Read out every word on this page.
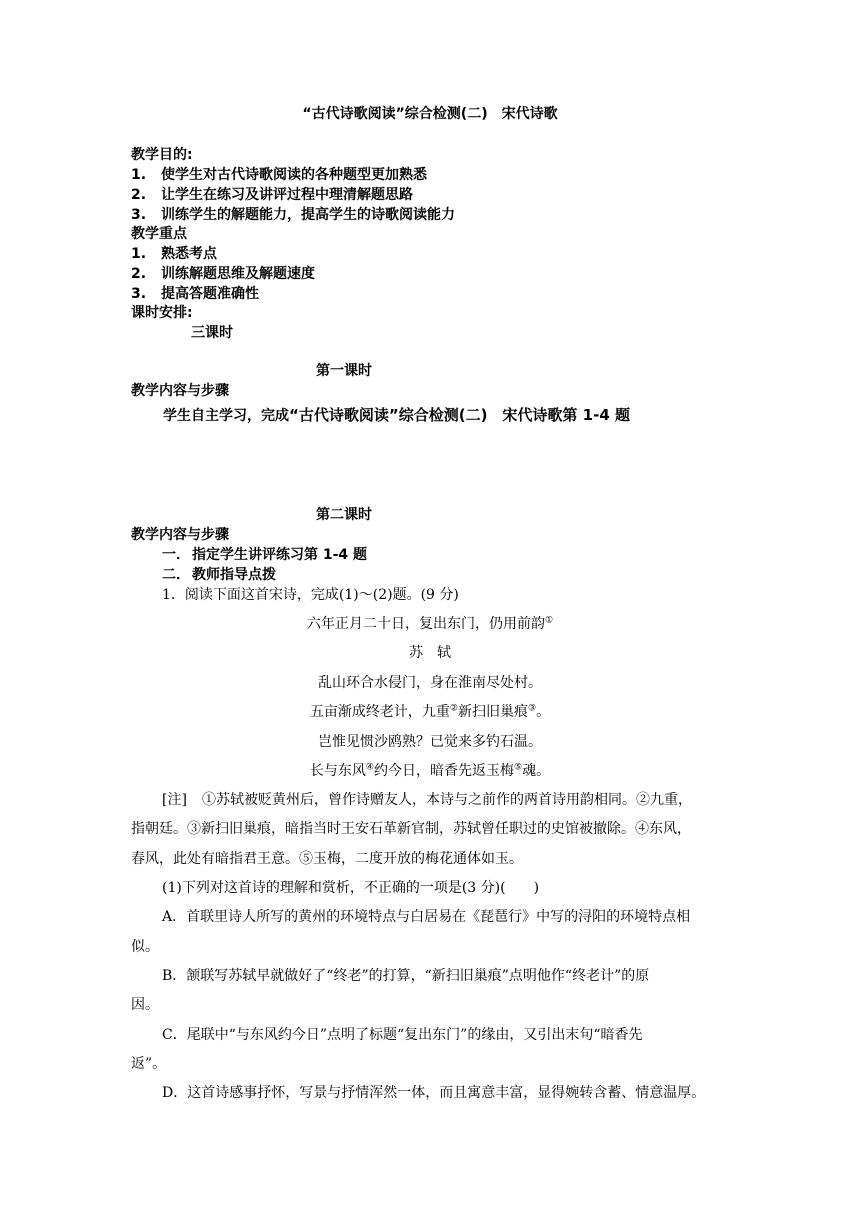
“古代诗歌阅读”综合检测(二)　宋代诗歌
教学目的:
1. 使学生对古代诗歌阅读的各种题型更加熟悉
2. 让学生在练习及讲评过程中理清解题思路
3. 训练学生的解题能力，提高学生的诗歌阅读能力
教学重点
1. 熟悉考点
2. 训练解题思维及解题速度
3. 提高答题准确性
课时安排:
三课时
第一课时
教学内容与步骤
学生自主学习，完成“古代诗歌阅读”综合检测(二)　宋代诗歌第 1-4 题
第二课时
教学内容与步骤
一． 指定学生讲评练习第 1-4 题
二． 教师指导点拨
1．阅读下面这首宋诗，完成(1)～(2)题。(9 分)
六年正月二十日，复出东门，仍用前韵①
苏　轼
乱山环合水侵门，身在淮南尽处村。
五亩渐成终老计，九重②新扫旧巢痕③。
岂惟见惯沙鸥熟？已觉来多钓石温。
长与东风④约今日，暗香先返玉梅⑤魂。
[注] ①苏轼被贬黄州后，曾作诗赠友人，本诗与之前作的两首诗用韵相同。②九重，
指朝廷。③新扫旧巢痕，暗指当时王安石革新官制，苏轼曾任职过的史馆被撤除。④东风，
春风，此处有暗指君王意。⑤玉梅，二度开放的梅花通体如玉。
(1)下列对这首诗的理解和赏析，不正确的一项是(3 分)(　　)
A．首联里诗人所写的黄州的环境特点与白居易在《琵琶行》中写的浔阳的环境特点相
似。
B．颔联写苏轼早就做好了“终老”的打算，“新扫旧巢痕”点明他作“终老计”的原
因。
C．尾联中“与东风约今日”点明了标题“复出东门”的缘由，又引出末句“暗香先
返”。
D．这首诗感事抒怀，写景与抒情浑然一体，而且寓意丰富，显得婉转含蓄、情意温厚。
